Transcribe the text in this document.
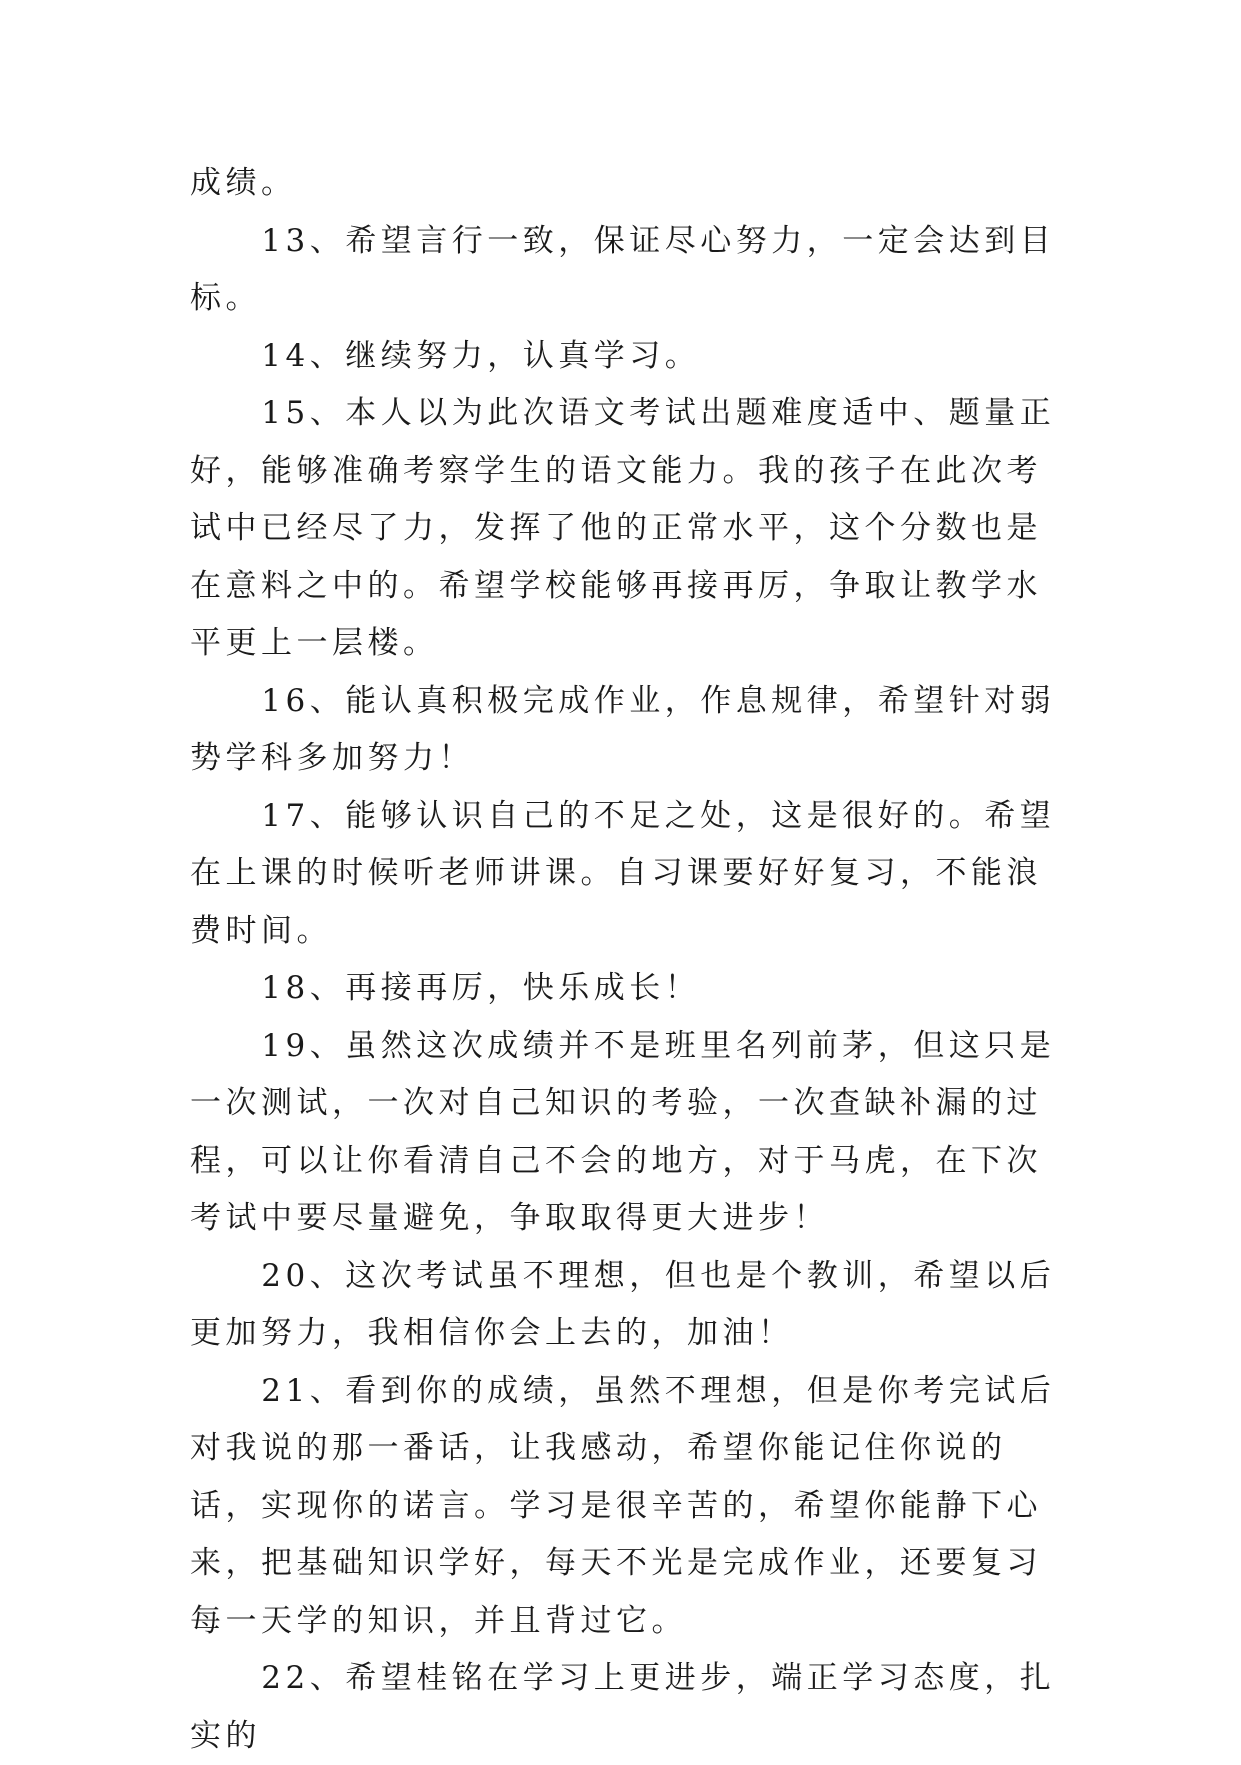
成绩。

13、希望言行一致，保证尽心努力，一定会达到目标。

14、继续努力，认真学习。

15、本人以为此次语文考试出题难度适中、题量正好，能够准确考察学生的语文能力。我的孩子在此次考试中已经尽了力，发挥了他的正常水平，这个分数也是在意料之中的。希望学校能够再接再厉，争取让教学水平更上一层楼。

16、能认真积极完成作业，作息规律，希望针对弱势学科多加努力！

17、能够认识自己的不足之处，这是很好的。希望在上课的时候听老师讲课。自习课要好好复习，不能浪费时间。

18、再接再厉，快乐成长！

19、虽然这次成绩并不是班里名列前茅，但这只是一次测试，一次对自己知识的考验，一次查缺补漏的过程，可以让你看清自己不会的地方，对于马虎，在下次考试中要尽量避免，争取取得更大进步！

20、这次考试虽不理想，但也是个教训，希望以后更加努力，我相信你会上去的，加油！

21、看到你的成绩，虽然不理想，但是你考完试后对我说的那一番话，让我感动，希望你能记住你说的话，实现你的诺言。学习是很辛苦的，希望你能静下心来，把基础知识学好，每天不光是完成作业，还要复习每一天学的知识，并且背过它。

22、希望桂铭在学习上更进步，端正学习态度，扎实的
